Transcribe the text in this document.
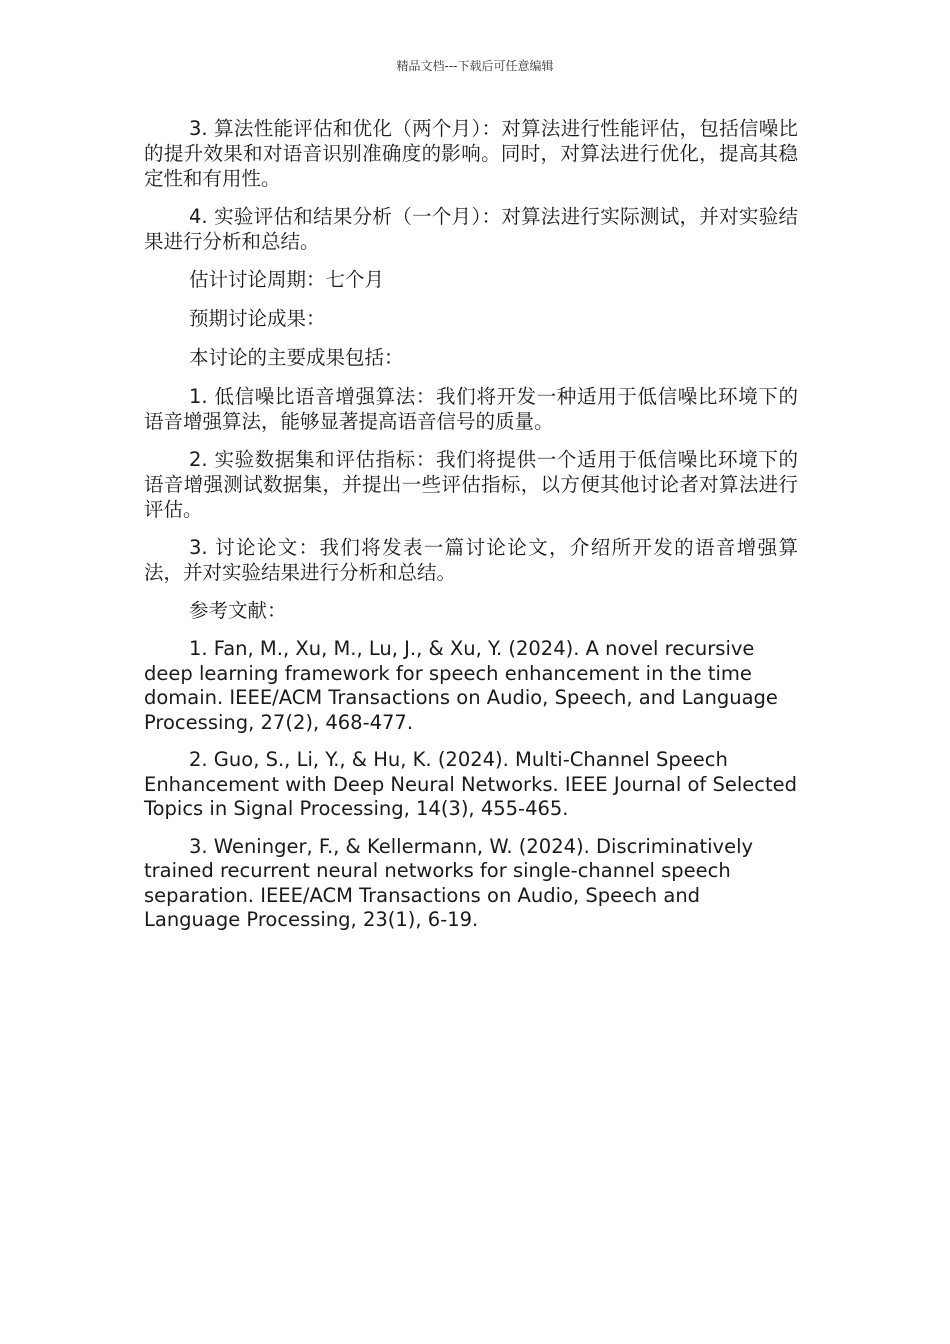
精品文档---下载后可任意编辑

3. 算法性能评估和优化（两个月）：对算法进行性能评估，包括信噪比的提升效果和对语音识别准确度的影响。同时，对算法进行优化，提高其稳定性和有用性。

4. 实验评估和结果分析（一个月）：对算法进行实际测试，并对实验结果进行分析和总结。

估计讨论周期：七个月

预期讨论成果：

本讨论的主要成果包括：

1. 低信噪比语音增强算法：我们将开发一种适用于低信噪比环境下的语音增强算法，能够显著提高语音信号的质量。

2. 实验数据集和评估指标：我们将提供一个适用于低信噪比环境下的语音增强测试数据集，并提出一些评估指标，以方便其他讨论者对算法进行评估。

3. 讨论论文：我们将发表一篇讨论论文，介绍所开发的语音增强算法，并对实验结果进行分析和总结。

参考文献：

1. Fan, M., Xu, M., Lu, J., & Xu, Y. (2024). A novel recursive deep learning framework for speech enhancement in the time domain. IEEE/ACM Transactions on Audio, Speech, and Language Processing, 27(2), 468-477.

2. Guo, S., Li, Y., & Hu, K. (2024). Multi-Channel Speech Enhancement with Deep Neural Networks. IEEE Journal of Selected Topics in Signal Processing, 14(3), 455-465.

3. Weninger, F., & Kellermann, W. (2024). Discriminatively trained recurrent neural networks for single-channel speech separation. IEEE/ACM Transactions on Audio, Speech and Language Processing, 23(1), 6-19.
